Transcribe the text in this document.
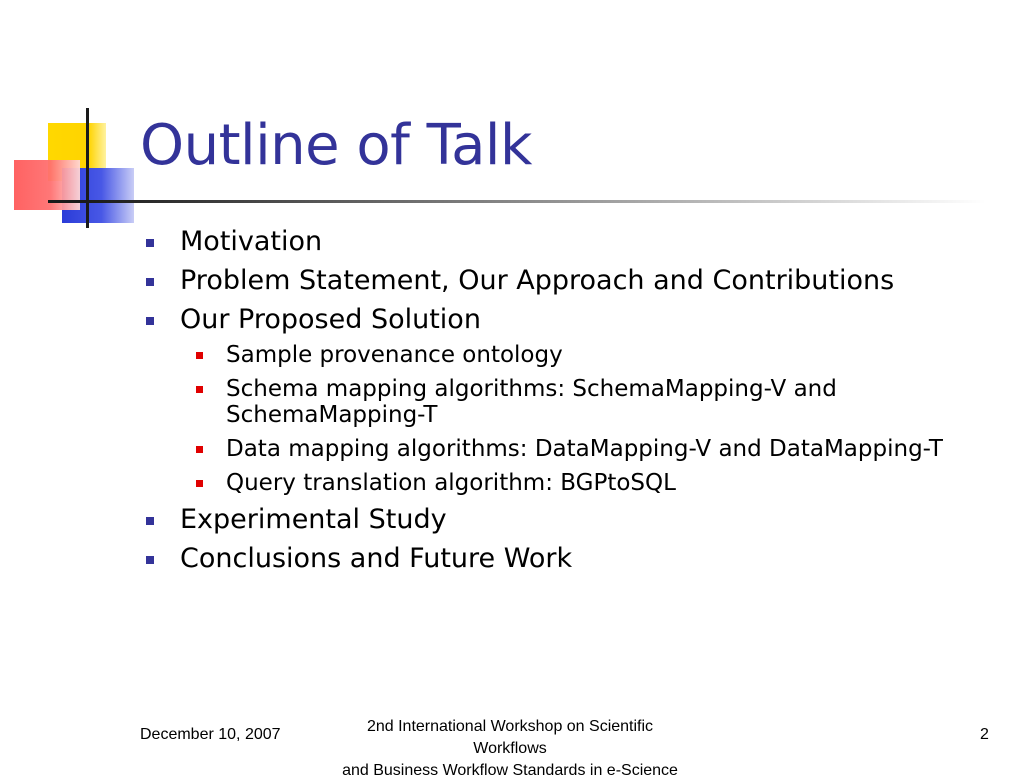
Outline of Talk
Motivation
Problem Statement, Our Approach and Contributions
Our Proposed Solution
Sample provenance ontology
Schema mapping algorithms: SchemaMapping-V and SchemaMapping-T
Data mapping algorithms: DataMapping-V and DataMapping-T
Query translation algorithm: BGPtoSQL
Experimental Study
Conclusions and Future Work
December 10, 2007	2nd International Workshop on Scientific Workflows
and Business Workflow Standards in e-Science
2
